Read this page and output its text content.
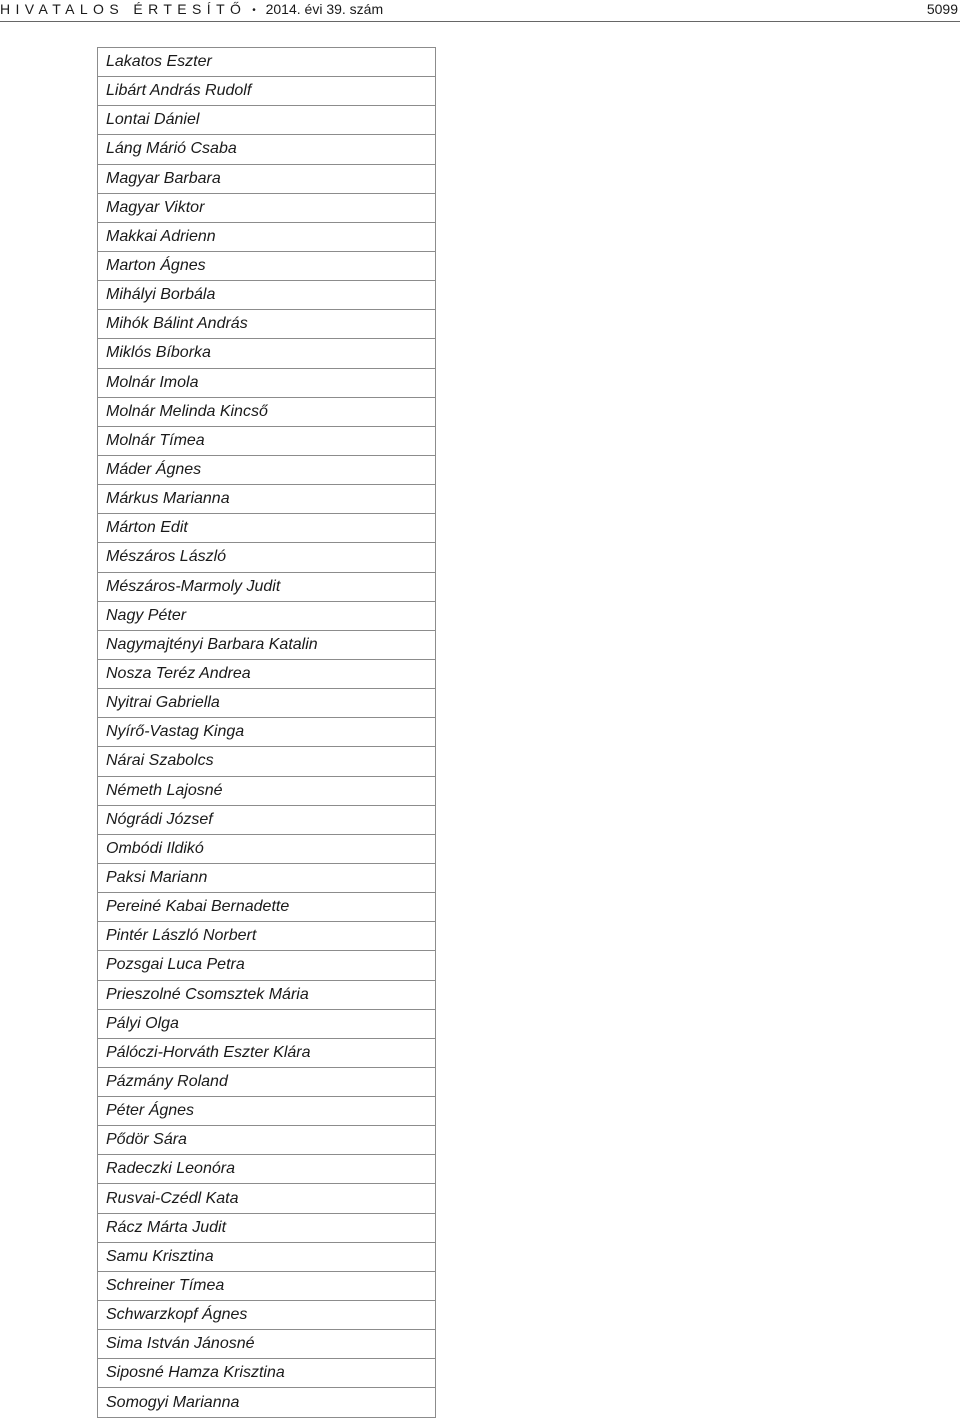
HIVATALOS ÉRTESÍTŐ • 2014. évi 39. szám	5099
Lakatos Eszter
Libárt András Rudolf
Lontai Dániel
Láng Márió Csaba
Magyar Barbara
Magyar Viktor
Makkai Adrienn
Marton Ágnes
Mihályi Borbála
Mihók Bálint András
Miklós Bíborka
Molnár Imola
Molnár Melinda Kincső
Molnár Tímea
Máder Ágnes
Márkus Marianna
Márton Edit
Mészáros László
Mészáros-Marmoly Judit
Nagy Péter
Nagymajtényi Barbara Katalin
Nosza Teréz Andrea
Nyitrai Gabriella
Nyírő-Vastag Kinga
Nárai Szabolcs
Németh Lajosné
Nógrádi József
Ombódi Ildikó
Paksi Mariann
Pereiné Kabai Bernadette
Pintér László Norbert
Pozsgai Luca Petra
Prieszolné Csomsztek Mária
Pályi Olga
Pálóczi-Horváth Eszter Klára
Pázmány Roland
Péter Ágnes
Pődör Sára
Radeczki Leonóra
Rusvai-Czédl Kata
Rácz Márta Judit
Samu Krisztina
Schreiner Tímea
Schwarzkopf Ágnes
Sima István Jánosné
Siposné Hamza Krisztina
Somogyi Marianna
